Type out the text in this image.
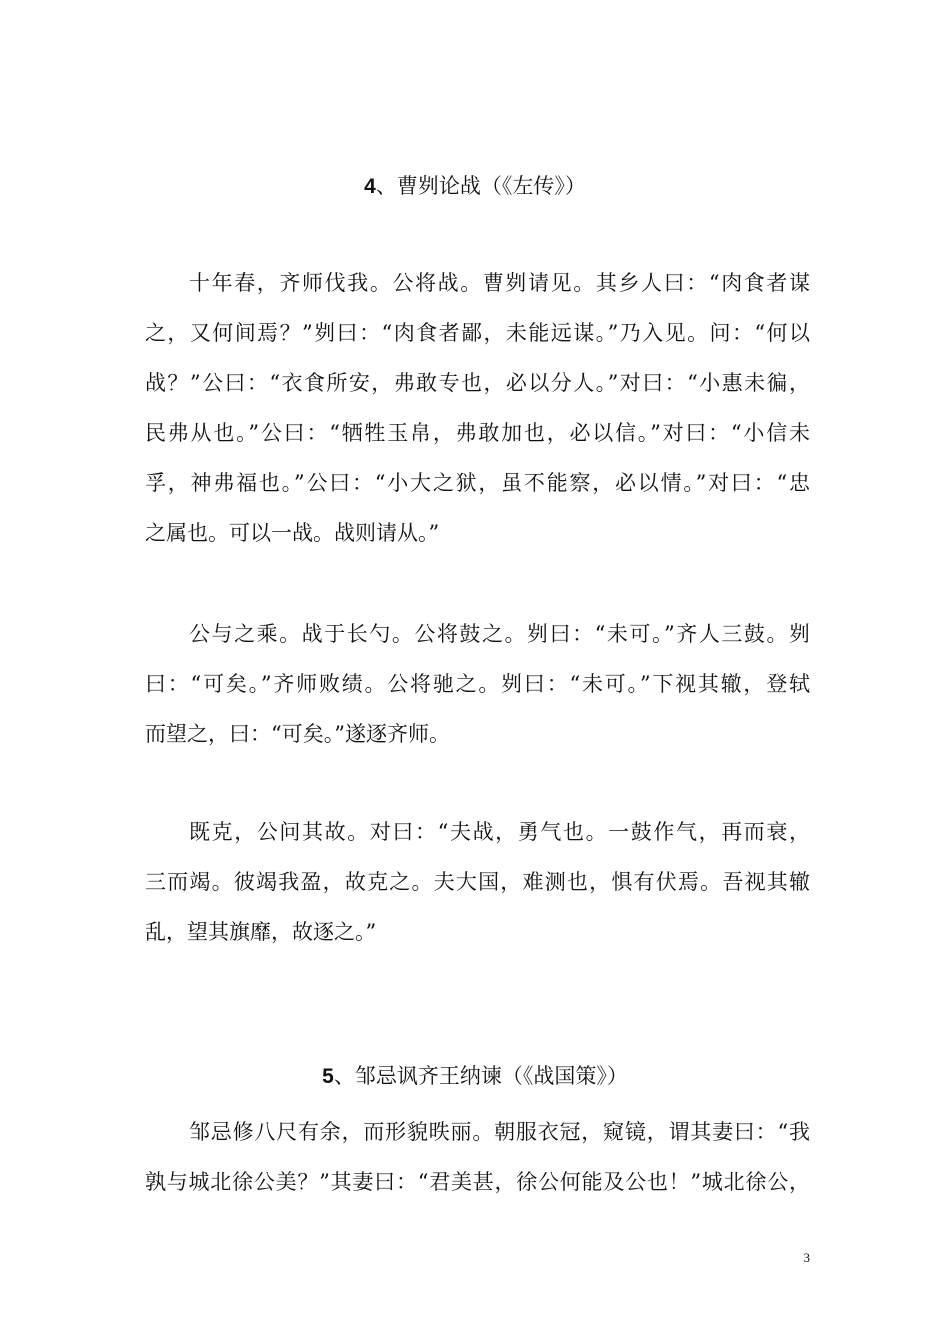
4、曹刿论战（《左传》）
十年春，齐师伐我。公将战。曹刿请见。其乡人曰：“肉食者谋
之，又何间焉？”刿曰：“肉食者鄙，未能远谋。”乃入见。问：“何以
战？”公曰：“衣食所安，弗敢专也，必以分人。”对曰：“小惠未徧，
民弗从也。”公曰：“牺牲玉帛，弗敢加也，必以信。”对曰：“小信未
孚，神弗福也。”公曰：“小大之狱，虽不能察，必以情。”对曰：“忠
之属也。可以一战。战则请从。”
公与之乘。战于长勺。公将鼓之。刿曰：“未可。”齐人三鼓。刿
曰：“可矣。”齐师败绩。公将驰之。刿曰：“未可。”下视其辙，登轼
而望之，曰：“可矣。”遂逐齐师。
既克，公问其故。对曰：“夫战，勇气也。一鼓作气，再而衰，
三而竭。彼竭我盈，故克之。夫大国，难测也，惧有伏焉。吾视其辙
乱，望其旗靡，故逐之。”
5、邹忌讽齐王纳谏（《战国策》）
邹忌修八尺有余，而形貌昳丽。朝服衣冠，窥镜，谓其妻曰：“我
孰与城北徐公美？”其妻曰：“君美甚，徐公何能及公也！”城北徐公，
3
